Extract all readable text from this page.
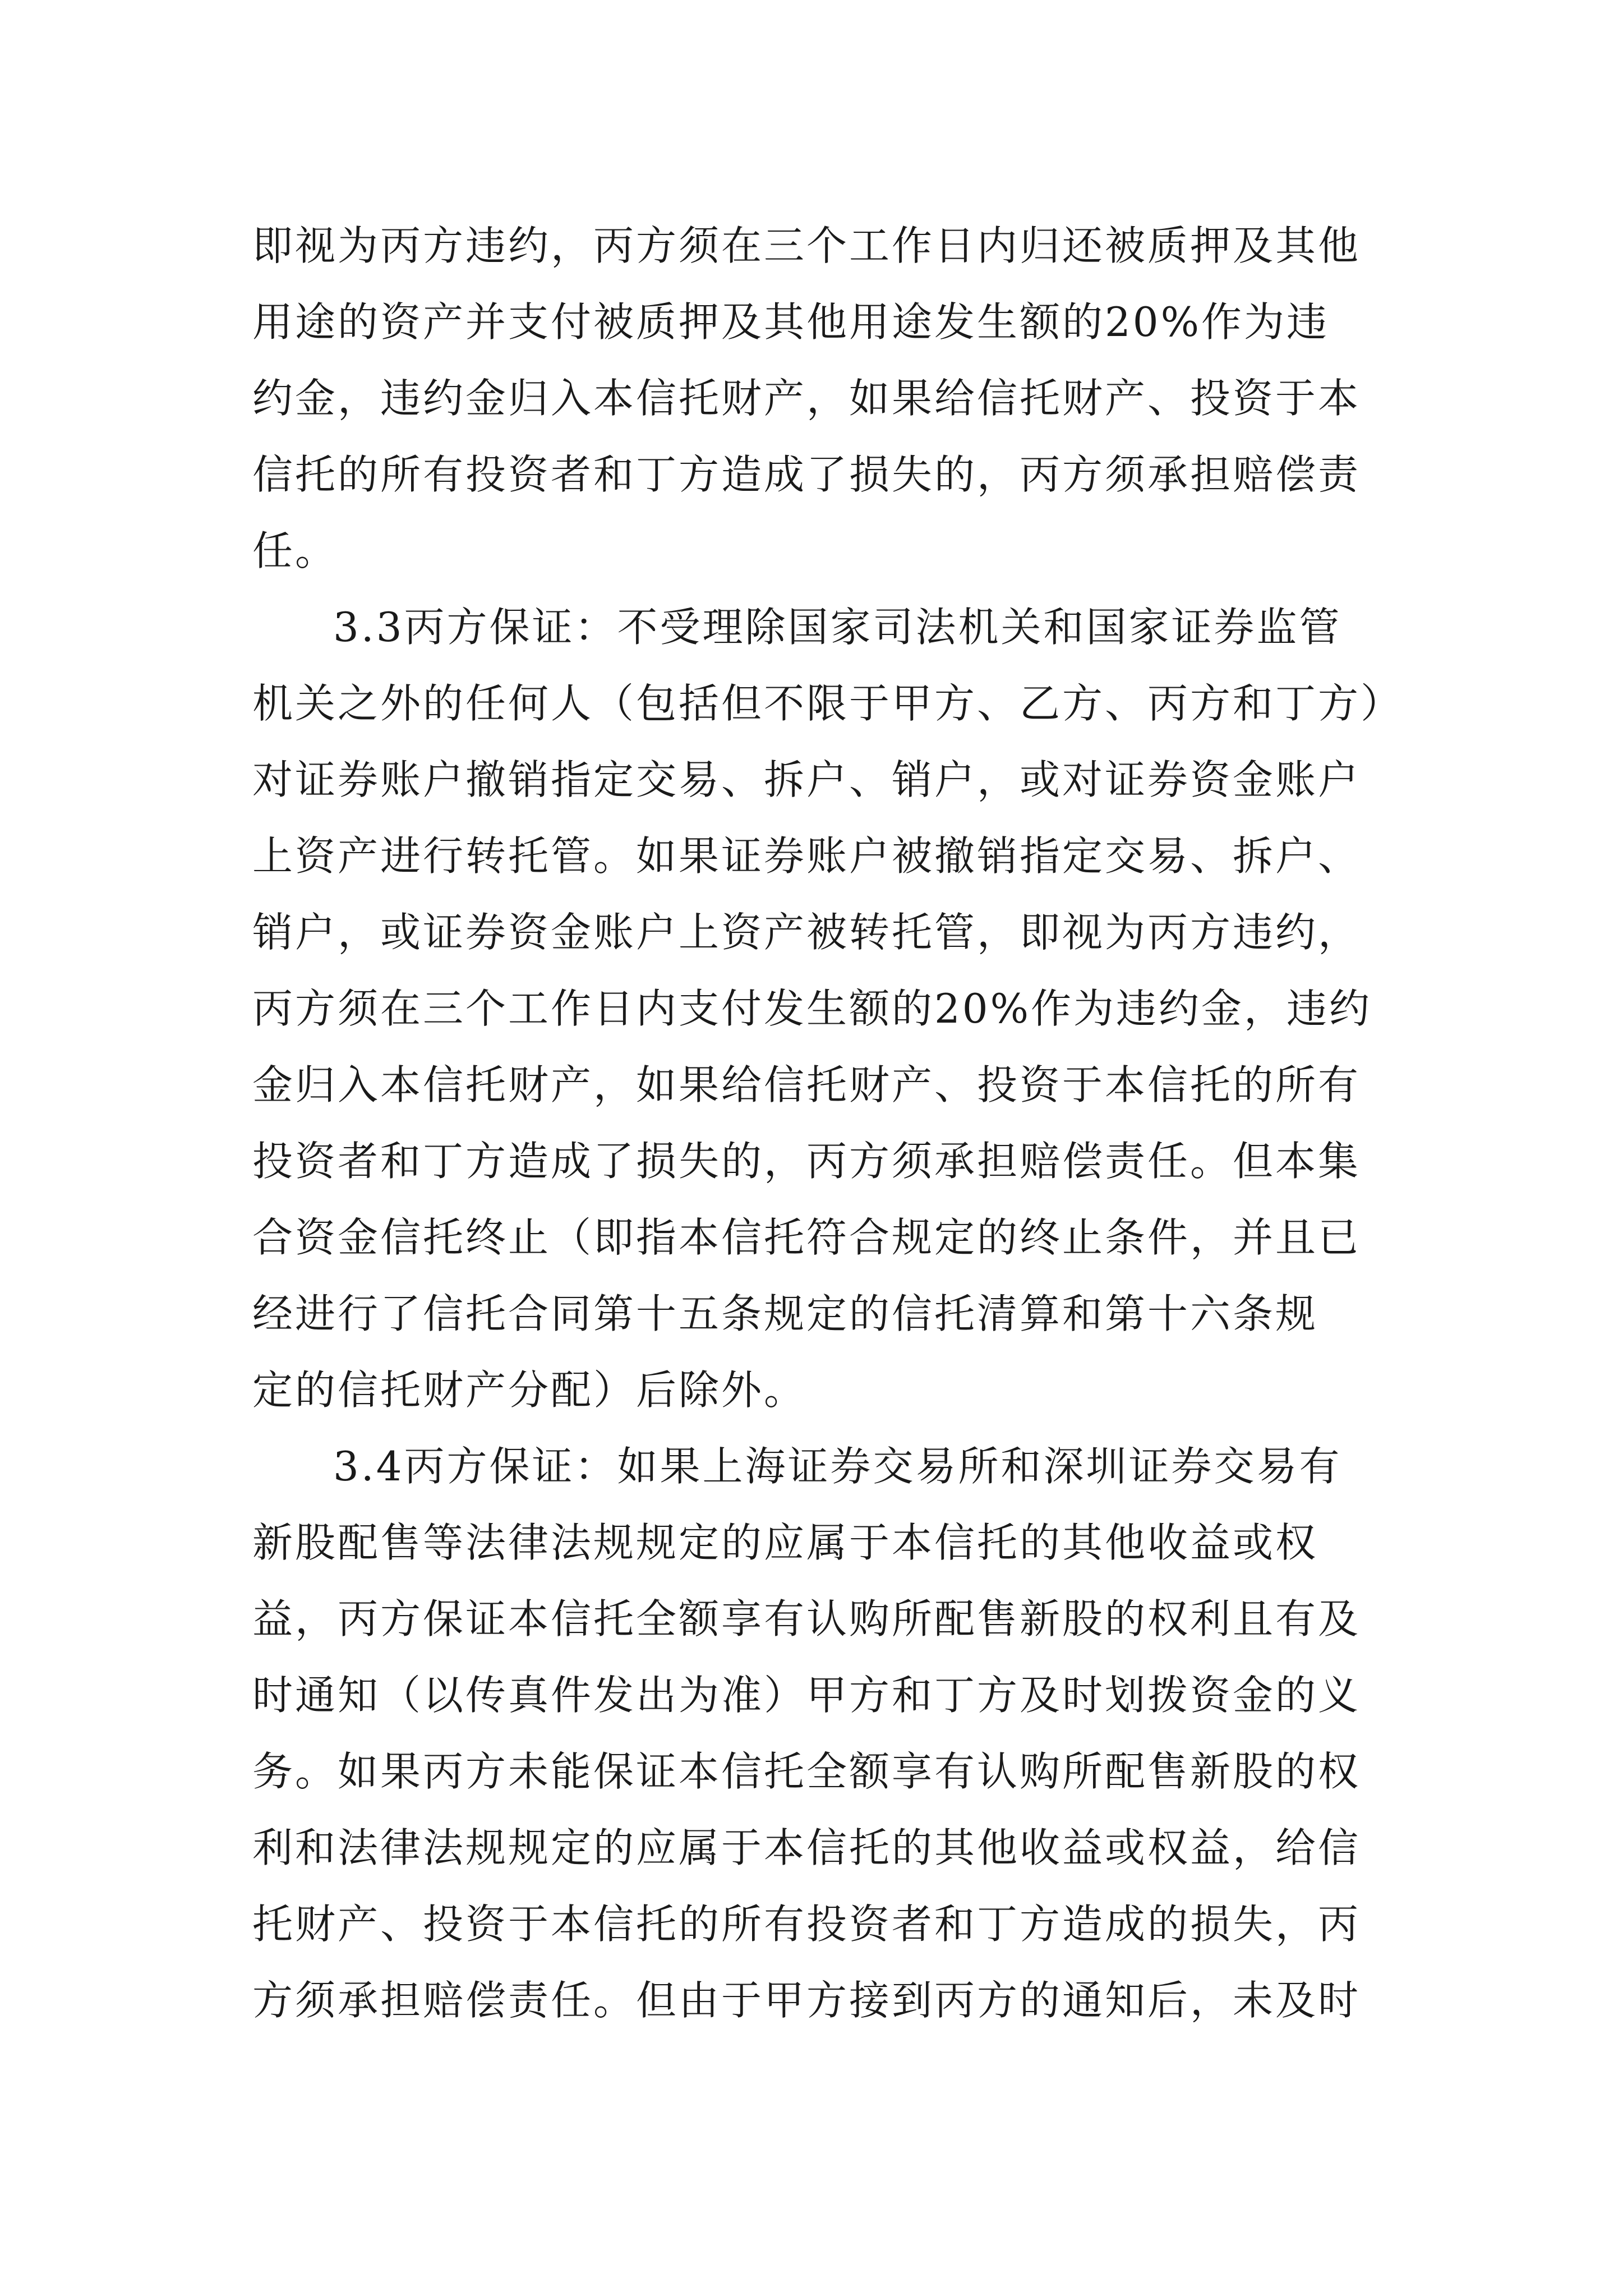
即视为丙方违约，丙方须在三个工作日内归还被质押及其他
用途的资产并支付被质押及其他用途发生额的20%作为违
约金，违约金归入本信托财产，如果给信托财产、投资于本
信托的所有投资者和丁方造成了损失的，丙方须承担赔偿责
任。
3.3丙方保证：不受理除国家司法机关和国家证券监管
机关之外的任何人（包括但不限于甲方、乙方、丙方和丁方）
对证券账户撤销指定交易、拆户、销户，或对证券资金账户
上资产进行转托管。如果证券账户被撤销指定交易、拆户、
销户，或证券资金账户上资产被转托管，即视为丙方违约，
丙方须在三个工作日内支付发生额的20%作为违约金，违约
金归入本信托财产，如果给信托财产、投资于本信托的所有
投资者和丁方造成了损失的，丙方须承担赔偿责任。但本集
合资金信托终止（即指本信托符合规定的终止条件，并且已
经进行了信托合同第十五条规定的信托清算和第十六条规
定的信托财产分配）后除外。
3.4丙方保证：如果上海证券交易所和深圳证券交易有
新股配售等法律法规规定的应属于本信托的其他收益或权
益，丙方保证本信托全额享有认购所配售新股的权利且有及
时通知（以传真件发出为准）甲方和丁方及时划拨资金的义
务。如果丙方未能保证本信托全额享有认购所配售新股的权
利和法律法规规定的应属于本信托的其他收益或权益，给信
托财产、投资于本信托的所有投资者和丁方造成的损失，丙
方须承担赔偿责任。但由于甲方接到丙方的通知后，未及时
